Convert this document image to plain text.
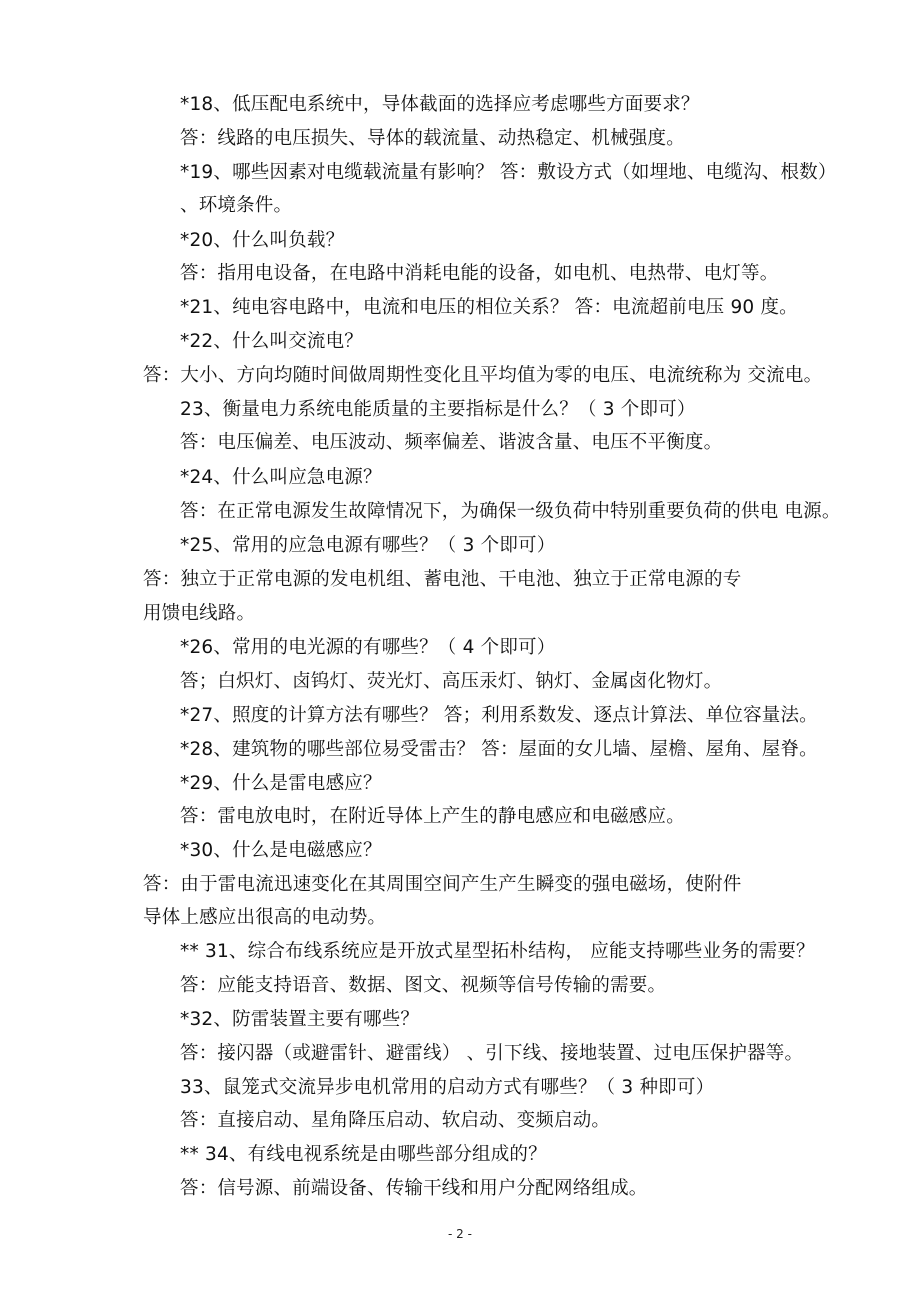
*18、低压配电系统中，导体截面的选择应考虑哪些方面要求？
答：线路的电压损失、导体的载流量、动热稳定、机械强度。
*19、哪些因素对电缆载流量有影响？ 答：敷设方式（如埋地、电缆沟、根数）
、环境条件。
*20、什么叫负载？
答：指用电设备，在电路中消耗电能的设备，如电机、电热带、电灯等。
*21、纯电容电路中，电流和电压的相位关系？ 答：电流超前电压 90 度。
*22、什么叫交流电？
答：大小、方向均随时间做周期性变化且平均值为零的电压、电流统称为 交流电。
23、衡量电力系统电能质量的主要指标是什么？（ 3 个即可）
答：电压偏差、电压波动、频率偏差、谐波含量、电压不平衡度。
*24、什么叫应急电源？
答：在正常电源发生故障情况下，为确保一级负荷中特别重要负荷的供电 电源。
*25、常用的应急电源有哪些？（ 3 个即可）
答：独立于正常电源的发电机组、蓄电池、干电池、独立于正常电源的专
用馈电线路。
*26、常用的电光源的有哪些？（ 4 个即可）
答；白炽灯、卤钨灯、荧光灯、高压汞灯、钠灯、金属卤化物灯。
*27、照度的计算方法有哪些？ 答；利用系数发、逐点计算法、单位容量法。
*28、建筑物的哪些部位易受雷击？ 答：屋面的女儿墙、屋檐、屋角、屋脊。
*29、什么是雷电感应？
答：雷电放电时，在附近导体上产生的静电感应和电磁感应。
*30、什么是电磁感应？
答：由于雷电流迅速变化在其周围空间产生产生瞬变的强电磁场，使附件
导体上感应出很高的电动势。
** 31、综合布线系统应是开放式星型拓朴结构， 应能支持哪些业务的需要？
答：应能支持语音、数据、图文、视频等信号传输的需要。
*32、防雷装置主要有哪些？
答：接闪器（或避雷针、避雷线） 、引下线、接地装置、过电压保护器等。
33、鼠笼式交流异步电机常用的启动方式有哪些？（ 3 种即可）
答：直接启动、星角降压启动、软启动、变频启动。
** 34、有线电视系统是由哪些部分组成的？
答：信号源、前端设备、传输干线和用户分配网络组成。
- 2 -
